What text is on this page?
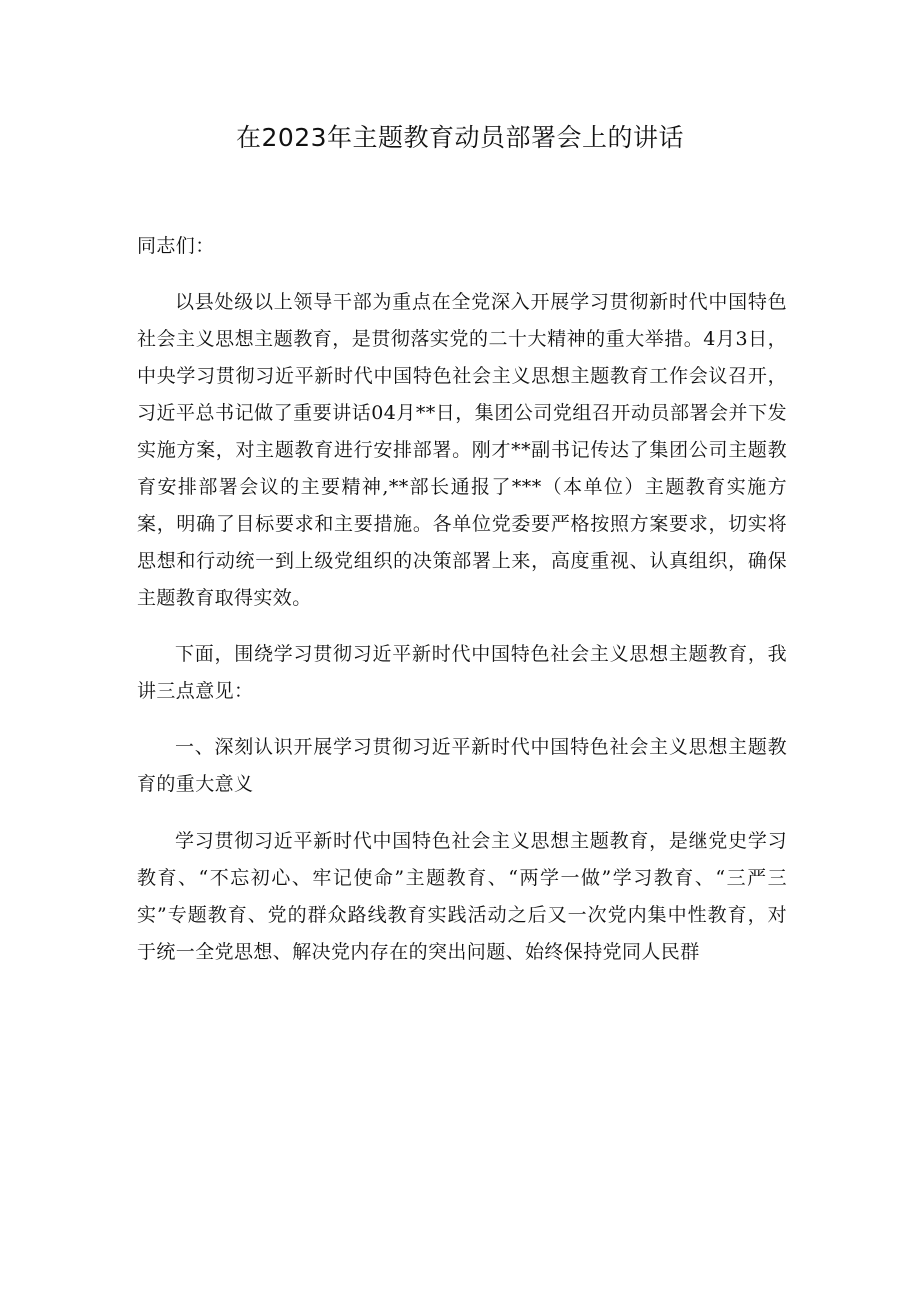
在2023年主题教育动员部署会上的讲话

同志们：

以县处级以上领导干部为重点在全党深入开展学习贯彻新时代中国特色社会主义思想主题教育，是贯彻落实党的二十大精神的重大举措。4月3日，中央学习贯彻习近平新时代中国特色社会主义思想主题教育工作会议召开，习近平总书记做了重要讲话04月**日，集团公司党组召开动员部署会并下发实施方案，对主题教育进行安排部署。刚才**副书记传达了集团公司主题教育安排部署会议的主要精神,**部长通报了***（本单位）主题教育实施方案，明确了目标要求和主要措施。各单位党委要严格按照方案要求，切实将思想和行动统一到上级党组织的决策部署上来，高度重视、认真组织，确保主题教育取得实效。

下面，围绕学习贯彻习近平新时代中国特色社会主义思想主题教育，我讲三点意见：

一、深刻认识开展学习贯彻习近平新时代中国特色社会主义思想主题教育的重大意义

学习贯彻习近平新时代中国特色社会主义思想主题教育，是继党史学习教育、“不忘初心、牢记使命”主题教育、“两学一做”学习教育、“三严三实”专题教育、党的群众路线教育实践活动之后又一次党内集中性教育，对于统一全党思想、解决党内存在的突出问题、始终保持党同人民群
